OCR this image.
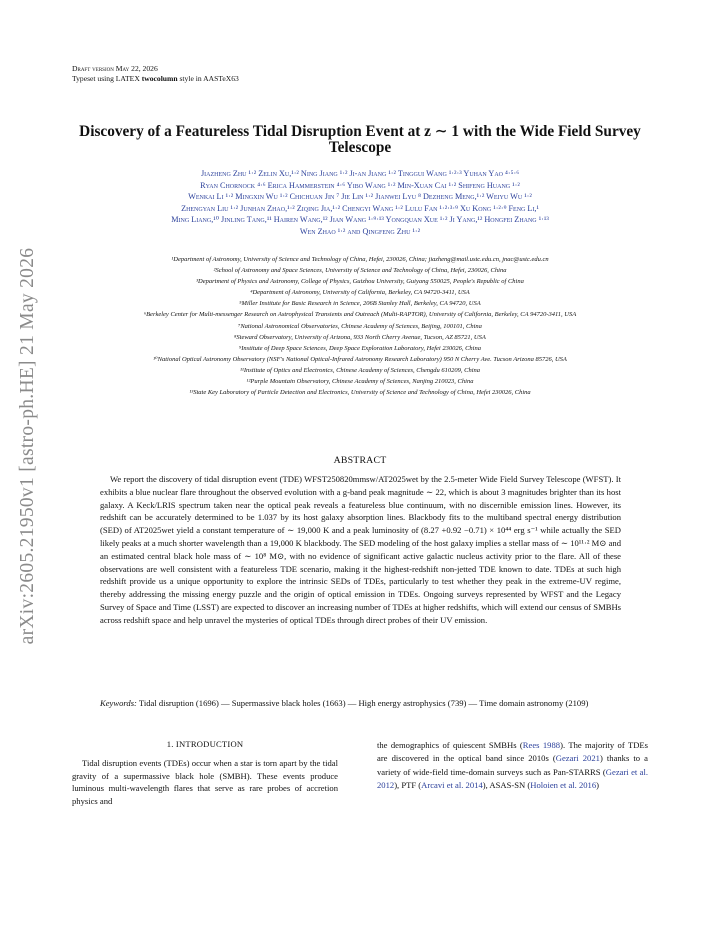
arXiv:2605.21950v1 [astro-ph.HE] 21 May 2026
Draft version May 22, 2026
Typeset using LATEX twocolumn style in AASTeX63
Discovery of a Featureless Tidal Disruption Event at z ∼ 1 with the Wide Field Survey Telescope
Jiazheng Zhu ¹·² Zelin Xu,¹·² Ning Jiang ¹·² Ji-an Jiang ¹·² Tinggui Wang ¹·²·³ Yuhan Yao ⁴·⁵·⁶
Ryan Chornock ⁴·⁶ Erica Hammerstein ⁴·⁶ Yibo Wang ¹·² Min-Xuan Cai ¹·² Shifeng Huang ¹·²
Wenkai Li ¹·² Mingxin Wu ¹·² Chichuan Jin ⁷ Jie Lin ¹·² Jianwei Lyu ⁸ Dezheng Meng,¹·² Weiyu Wu ¹·²
Zhengyan Liu ¹·² Junhan Zhao,¹·² Ziqing Jia,¹·² Chengyi Wang ¹·² Lulu Fan ¹·²·³·⁹ Xu Kong ¹·²·⁹ Feng Li,¹
Ming Liang,¹⁰ Jinling Tang,¹¹ Hairen Wang,¹² Jian Wang ¹·⁹·¹³ Yongquan Xue ¹·² Ji Yang,¹² Hongfei Zhang ¹·¹³
Wen Zhao ¹·² and Qingfeng Zhu ¹·²
¹Department of Astronomy, University of Science and Technology of China, Hefei, 230026, China; jiazheng@mail.ustc.edu.cn, jnac@ustc.edu.cn
²School of Astronomy and Space Sciences, University of Science and Technology of China, Hefei, 230026, China
³Department of Physics and Astronomy, College of Physics, Guizhou University, Guiyang 550025, People's Republic of China
⁴Department of Astronomy, University of California, Berkeley, CA 94720-3411, USA
⁵Miller Institute for Basic Research in Science, 206B Stanley Hall, Berkeley, CA 94720, USA
⁶Berkeley Center for Multi-messenger Research on Astrophysical Transients and Outreach (Multi-RAPTOR), University of California, Berkeley, CA 94720-3411, USA
⁷National Astronomical Observatories, Chinese Academy of Sciences, Beijing, 100101, China
⁸Steward Observatory, University of Arizona, 933 North Cherry Avenue, Tucson, AZ 85721, USA
⁹Institute of Deep Space Sciences, Deep Space Exploration Laboratory, Hefei 230026, China
¹⁰National Optical Astronomy Observatory (NSF's National Optical-Infrared Astronomy Research Laboratory) 950 N Cherry Ave. Tucson Arizona 85726, USA
¹¹Institute of Optics and Electronics, Chinese Academy of Sciences, Chengdu 610209, China
¹²Purple Mountain Observatory, Chinese Academy of Sciences, Nanjing 210023, China
¹³State Key Laboratory of Particle Detection and Electronics, University of Science and Technology of China, Hefei 230026, China
ABSTRACT
We report the discovery of tidal disruption event (TDE) WFST250820mmsw/AT2025wet by the 2.5-meter Wide Field Survey Telescope (WFST). It exhibits a blue nuclear flare throughout the observed evolution with a g-band peak magnitude ∼ 22, which is about 3 magnitudes brighter than its host galaxy. A Keck/LRIS spectrum taken near the optical peak reveals a featureless blue continuum, with no discernible emission lines. However, its redshift can be accurately determined to be 1.037 by its host galaxy absorption lines. Blackbody fits to the multiband spectral energy distribution (SED) of AT2025wet yield a constant temperature of ∼ 19,000 K and a peak luminosity of (8.27 +0.92 −0.71) × 10⁴⁴ erg s⁻¹ while actually the SED likely peaks at a much shorter wavelength than a 19,000 K blackbody. The SED modeling of the host galaxy implies a stellar mass of ∼ 10¹¹·² M⊙ and an estimated central black hole mass of ∼ 10⁸ M⊙, with no evidence of significant active galactic nucleus activity prior to the flare. All of these observations are well consistent with a featureless TDE scenario, making it the highest-redshift non-jetted TDE known to date. TDEs at such high redshift provide us a unique opportunity to explore the intrinsic SEDs of TDEs, particularly to test whether they peak in the extreme-UV regime, thereby addressing the missing energy puzzle and the origin of optical emission in TDEs. Ongoing surveys represented by WFST and the Legacy Survey of Space and Time (LSST) are expected to discover an increasing number of TDEs at higher redshifts, which will extend our census of SMBHs across redshift space and help unravel the mysteries of optical TDEs through direct probes of their UV emission.
Keywords: Tidal disruption (1696) — Supermassive black holes (1663) — High energy astrophysics (739) — Time domain astronomy (2109)
1. INTRODUCTION
Tidal disruption events (TDEs) occur when a star is torn apart by the tidal gravity of a supermassive black hole (SMBH). These events produce luminous multi-wavelength flares that serve as rare probes of accretion physics and
the demographics of quiescent SMBHs (Rees 1988). The majority of TDEs are discovered in the optical band since 2010s (Gezari 2021) thanks to a variety of wide-field time-domain surveys such as Pan-STARRS (Gezari et al. 2012), PTF (Arcavi et al. 2014), ASAS-SN (Holoien et al. 2016)
